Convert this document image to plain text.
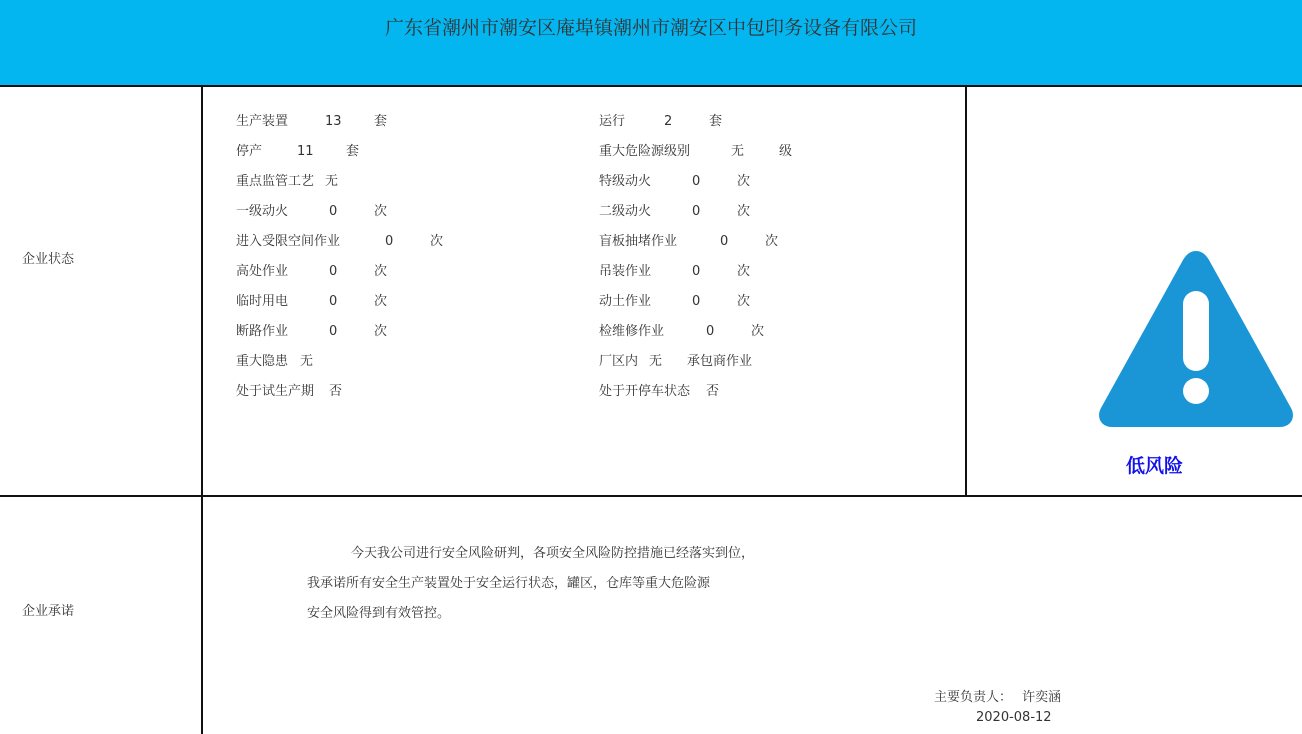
广东省潮州市潮安区庵埠镇潮州市潮安区中包印务设备有限公司
企业状态
企业承诺
生产装置	13 套
停产	11 套
重点监管工艺 无
一级动火	0	次
进入受限空间作业	0	次
高处作业	0	次
临时用电	0	次
断路作业	0	次
重大隐患 无
处于试生产期 否
运行	2	套
重大危险源级别	无	级
特级动火	0	次
二级动火	0	次
盲板抽堵作业	0	次
吊装作业	0	次
动土作业	0	次
检维修作业	0	次
厂区内 无 承包商作业
处于开停车状态 否
低风险
今天我公司进行安全风险研判，各项安全风险防控措施已经落实到位，
我承诺所有安全生产装置处于安全运行状态，罐区，仓库等重大危险源
安全风险得到有效管控。
主要负责人： 许奕涵
2020-08-12
